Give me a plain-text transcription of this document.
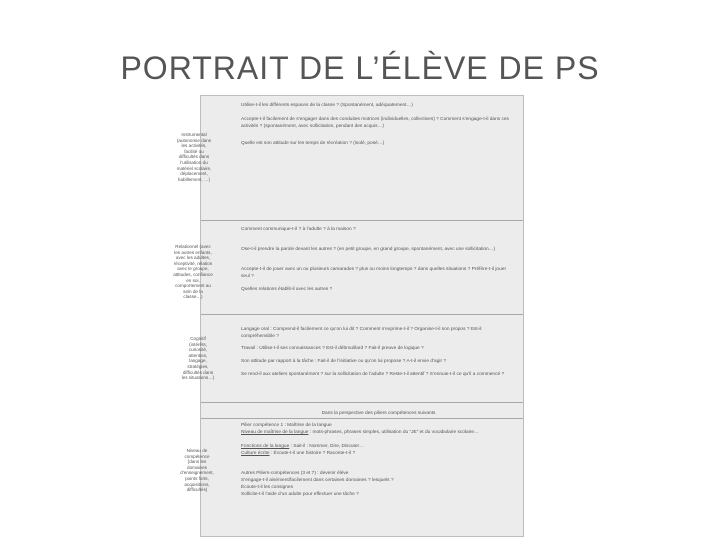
PORTRAIT DE L’ÉLÈVE DE PS
Utilise-t-il les différents espaces de la classe ? (Spontanément, adéquatement…)
Accepte-t-il facilement de s’engager dans des conduites motrices (individuelles, collectives) ? Comment s’engage-t-il dans ces activités ? (spontanément, avec sollicitation, pendant des acquis…)
Instrumental (autonomie dans les activités, facilité ou difficultés dans l’utilisation du matériel scolaire, déplacement, habillement, …)
Quelle est son attitude sur les temps de récréation ? (isolé, posé…)
Comment communique-t-il ? à l’adulte ? à la maison ?
Relationnel (avec les autres enfants, avec les adultes, réceptivité, relation avec le groupe, attitudes, confiance en soi, comportement au sein de la classe…)
Ose-t-il prendre la parole devant les autres ? (en petit groupe, en grand groupe, spontanément, avec une sollicitation…)
Accepte-t-il de jouer avec un ou plusieurs camarades ? plus ou moins longtemps ? dans quelles situations ? Préfère-t-il jouer seul ?
Quelles relations établit-il avec les autres ?
Cognitif (intérêts, curiosité, attention, langage, stratégies, difficultés dans les situations…)
Langage oral : Comprend-il facilement ce qu’on lui dit ? Comment s’exprime-t-il ? Organise-t-il son propos ? Est-il compréhensible ?
Travail : Utilise-t-il ses connaissances ? Est-il débrouillard ? Fait-il preuve de logique ?
Son attitude par rapport à la tâche : Fait-il de l’initiative ou qu’on lui propose ? A-t-il envie d’agir ?
Se rend-il aux ateliers spontanément ? sur la sollicitation de l’adulte ? Reste-t-il attentif ? S’ennuie-t-il ce qu’il a commencé ?
Dans la perspective des piliers compétences suivants
Niveau de compétence (dans les domaines d’enseignement, points forts, acquisitions, difficultés)
Pilier compétence 1 : Maîtrise de la langue
Niveau de maîtrise de la langue : mots-phrases, phrases simples, utilisation du “JE” et du vocabulaire scolaire…
Fonctions de la langue : Sait-il : Nommer, Dire, Discuter…
Culture écrite : Écoute-t-il une histoire ? Raconte-t-il ?
Autres Piliers-compétences (3 et 7) : devenir élève
S’engage-t-il aisément/facilement dans certaines domaines ? lesquels ?
Écoute-t-il les consignes
Sollicite-t-il l’aide d’un adulte pour effectuer une tâche ?
